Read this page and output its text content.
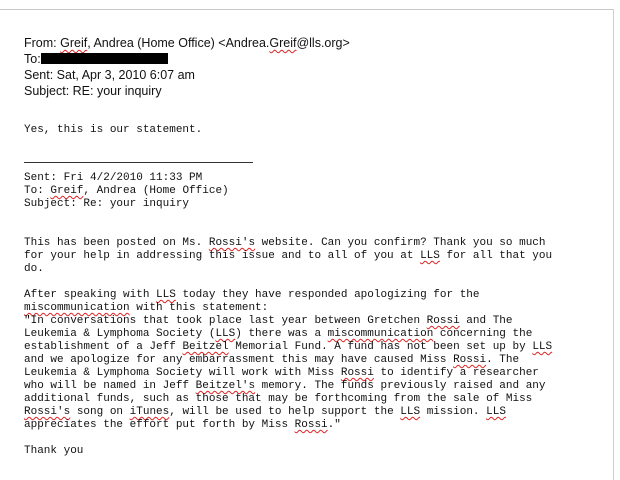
From: Greif, Andrea (Home Office) <Andrea.Greif@lls.org>
To:
Sent: Sat, Apr 3, 2010 6:07 am
Subject: RE: your inquiry
Yes, this is our statement.
Sent: Fri 4/2/2010 11:33 PM
To: Greif, Andrea (Home Office)
Subject: Re: your inquiry
This has been posted on Ms. Rossi's website. Can you confirm? Thank you so much
for your help in addressing this issue and to all of you at LLS for all that you
do.
After speaking with LLS today they have responded apologizing for the
miscommunication with this statement:
"In conversations that took place last year between Gretchen Rossi and The
Leukemia & Lymphoma Society (LLS) there was a miscommunication concerning the
establishment of a Jeff Beitzel Memorial Fund. A fund has not been set up by LLS
and we apologize for any embarrassment this may have caused Miss Rossi. The
Leukemia & Lymphoma Society will work with Miss Rossi to identify a researcher
who will be named in Jeff Beitzel's memory. The funds previously raised and any
additional funds, such as those that may be forthcoming from the sale of Miss
Rossi's song on iTunes, will be used to help support the LLS mission. LLS
appreciates the effort put forth by Miss Rossi."
Thank you
